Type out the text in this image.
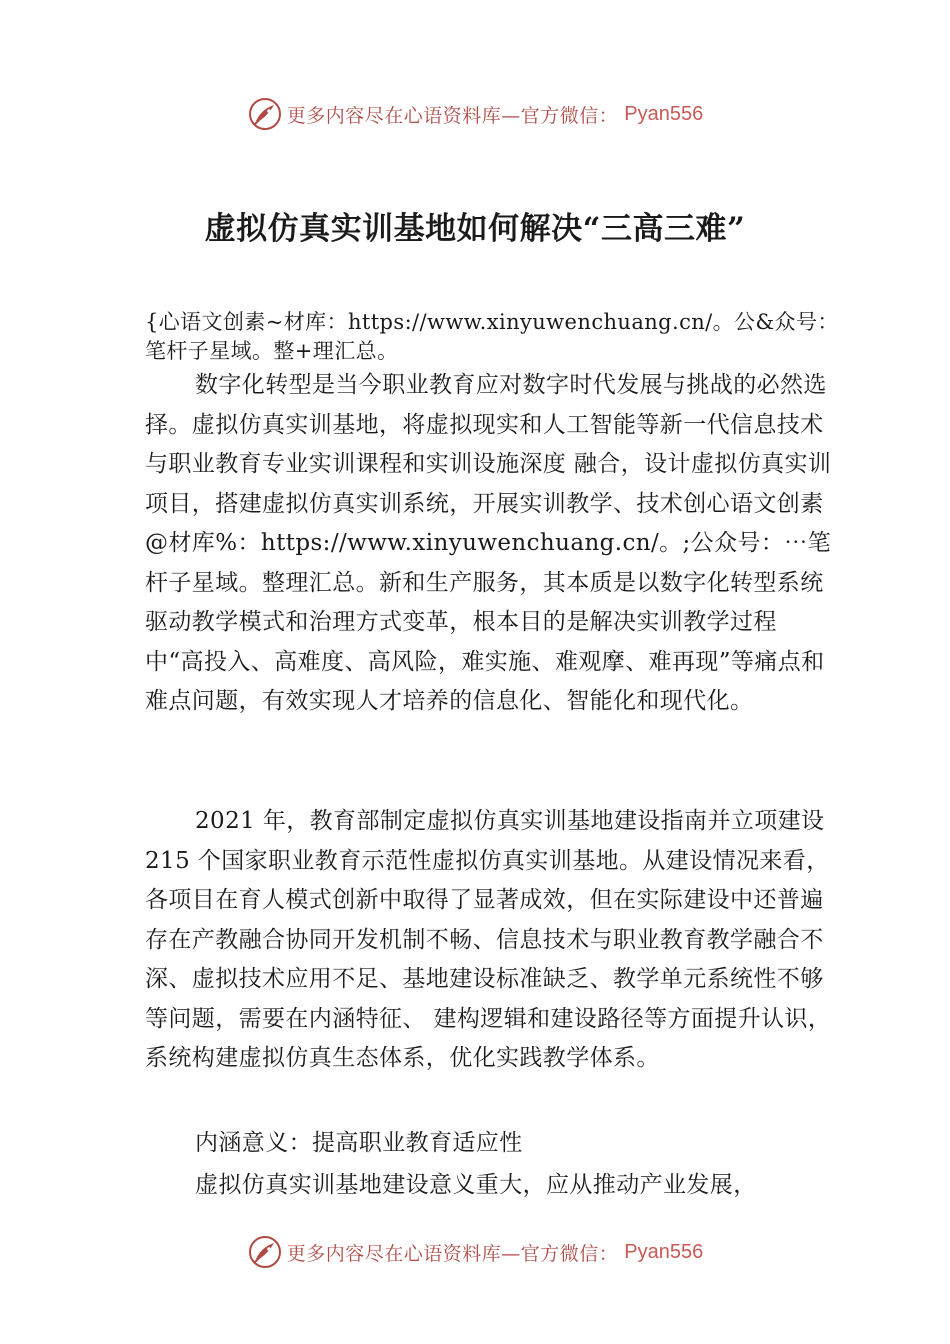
更多内容尽在心语资料库—官方微信： Pyan556
虚拟仿真实训基地如何解决“三高三难”

{心语文创素~材库：https://www.xinyuwenchuang.cn/。公&众号：笔杆子星域。整+理汇总。

数字化转型是当今职业教育应对数字时代发展与挑战的必然选择。虚拟仿真实训基地，将虚拟现实和人工智能等新一代信息技术与职业教育专业实训课程和实训设施深度 融合，设计虚拟仿真实训项目，搭建虚拟仿真实训系统，开展实训教学、技术创心语文创素@材库%：https://www.xinyuwenchuang.cn/。;公众号：⋯笔杆子星域。整理汇总。新和生产服务，其本质是以数字化转型系统驱动教学模式和治理方式变革，根本目的是解决实训教学过程中“高投入、高难度、高风险，难实施、难观摩、难再现”等痛点和难点问题，有效实现人才培养的信息化、智能化和现代化。

2021 年，教育部制定虚拟仿真实训基地建设指南并立项建设 215 个国家职业教育示范性虚拟仿真实训基地。从建设情况来看，各项目在育人模式创新中取得了显著成效，但在实际建设中还普遍存在产教融合协同开发机制不畅、信息技术与职业教育教学融合不深、虚拟技术应用不足、基地建设标准缺乏、教学单元系统性不够等问题，需要在内涵特征、 建构逻辑和建设路径等方面提升认识，系统构建虚拟仿真生态体系，优化实践教学体系。

内涵意义：提高职业教育适应性

虚拟仿真实训基地建设意义重大，应从推动产业发展，

更多内容尽在心语资料库—官方微信： Pyan556
